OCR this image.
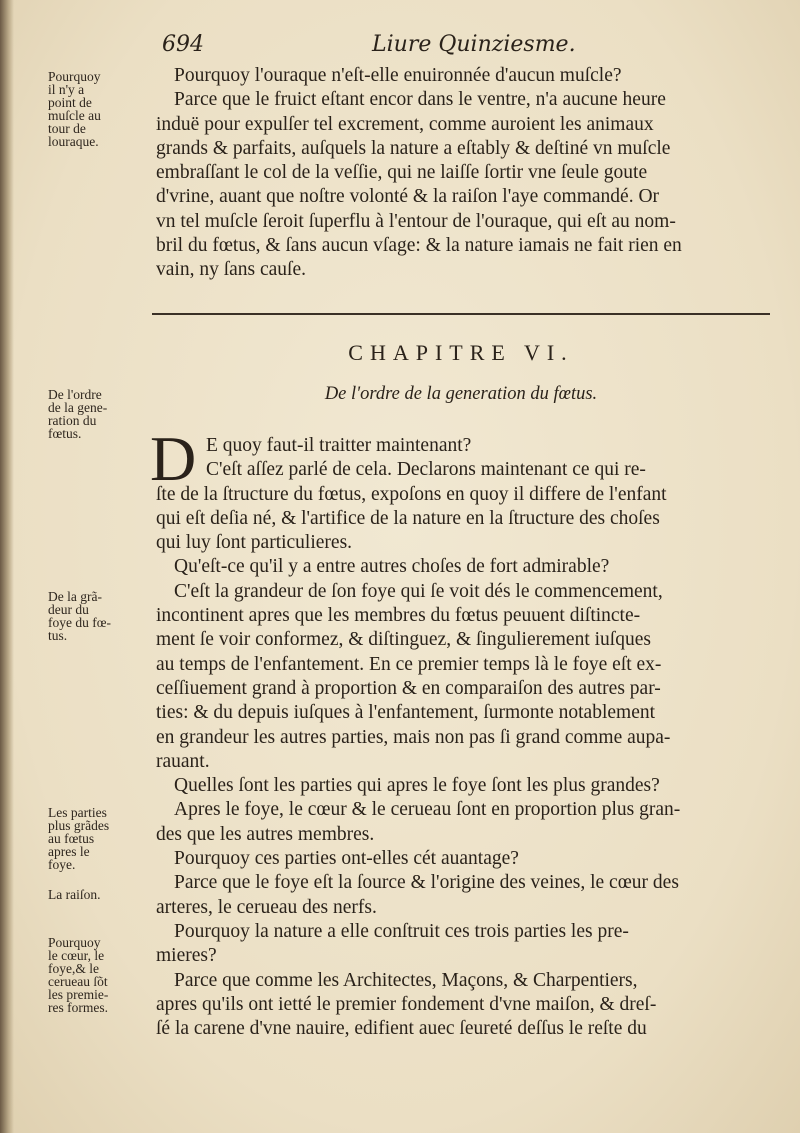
694	Liure Quinziesme.
Pourquoy
il n'y a
point de
muſcle au
tour de
louraque.
De l'ordre
de la gene-
ration du
fœtus.
De la grã-
deur du
foye du fœ-
tus.
Les parties
plus grãdes
au fœtus
apres le
foye.
La raiſon.
Pourquoy
le cœur, le
foye,& le
cerueau ſõt
les premie-
res formes.
Pourquoy l'ouraque n'eſt-elle enuironnée d'aucun muſcle?
Parce que le fruict eſtant encor dans le ventre, n'a aucune heure
induë pour expulſer tel excrement, comme auroient les animaux
grands & parfaits, auſquels la nature a eſtably & deſtiné vn muſcle
embraſſant le col de la veſſie, qui ne laiſſe ſortir vne ſeule goute
d'vrine, auant que noſtre volonté & la raiſon l'aye commandé. Or
vn tel muſcle ſeroit ſuperflu à l'entour de l'ouraque, qui eſt au nom-
bril du fœtus, & ſans aucun vſage: & la nature iamais ne fait rien en
vain, ny ſans cauſe.
CHAPITRE VI.
De l'ordre de la generation du fœtus.
D E quoy faut-il traitter maintenant?
C'eſt aſſez parlé de cela. Declarons maintenant ce qui re-
ſte de la ſtructure du fœtus, expoſons en quoy il differe de l'enfant
qui eſt deſia né, & l'artifice de la nature en la ſtructure des choſes
qui luy ſont particulieres.
Qu'eſt-ce qu'il y a entre autres choſes de fort admirable?
C'eſt la grandeur de ſon foye qui ſe voit dés le commencement,
incontinent apres que les membres du fœtus peuuent diſtincte-
ment ſe voir conformez, & diſtinguez, & ſingulierement iuſques
au temps de l'enfantement. En ce premier temps là le foye eſt ex-
ceſſiuement grand à proportion & en comparaiſon des autres par-
ties: & du depuis iuſques à l'enfantement, ſurmonte notablement
en grandeur les autres parties, mais non pas ſi grand comme aupa-
rauant.
Quelles ſont les parties qui apres le foye ſont les plus grandes?
Apres le foye, le cœur & le cerueau ſont en proportion plus gran-
des que les autres membres.
Pourquoy ces parties ont-elles cét auantage?
Parce que le foye eſt la ſource & l'origine des veines, le cœur des
arteres, le cerueau des nerfs.
Pourquoy la nature a elle conſtruit ces trois parties les pre-
mieres?
Parce que comme les Architectes, Maçons, & Charpentiers,
apres qu'ils ont ietté le premier fondement d'vne maiſon, & dreſ-
ſé la carene d'vne nauire, edifient auec ſeureté deſſus le reſte du
